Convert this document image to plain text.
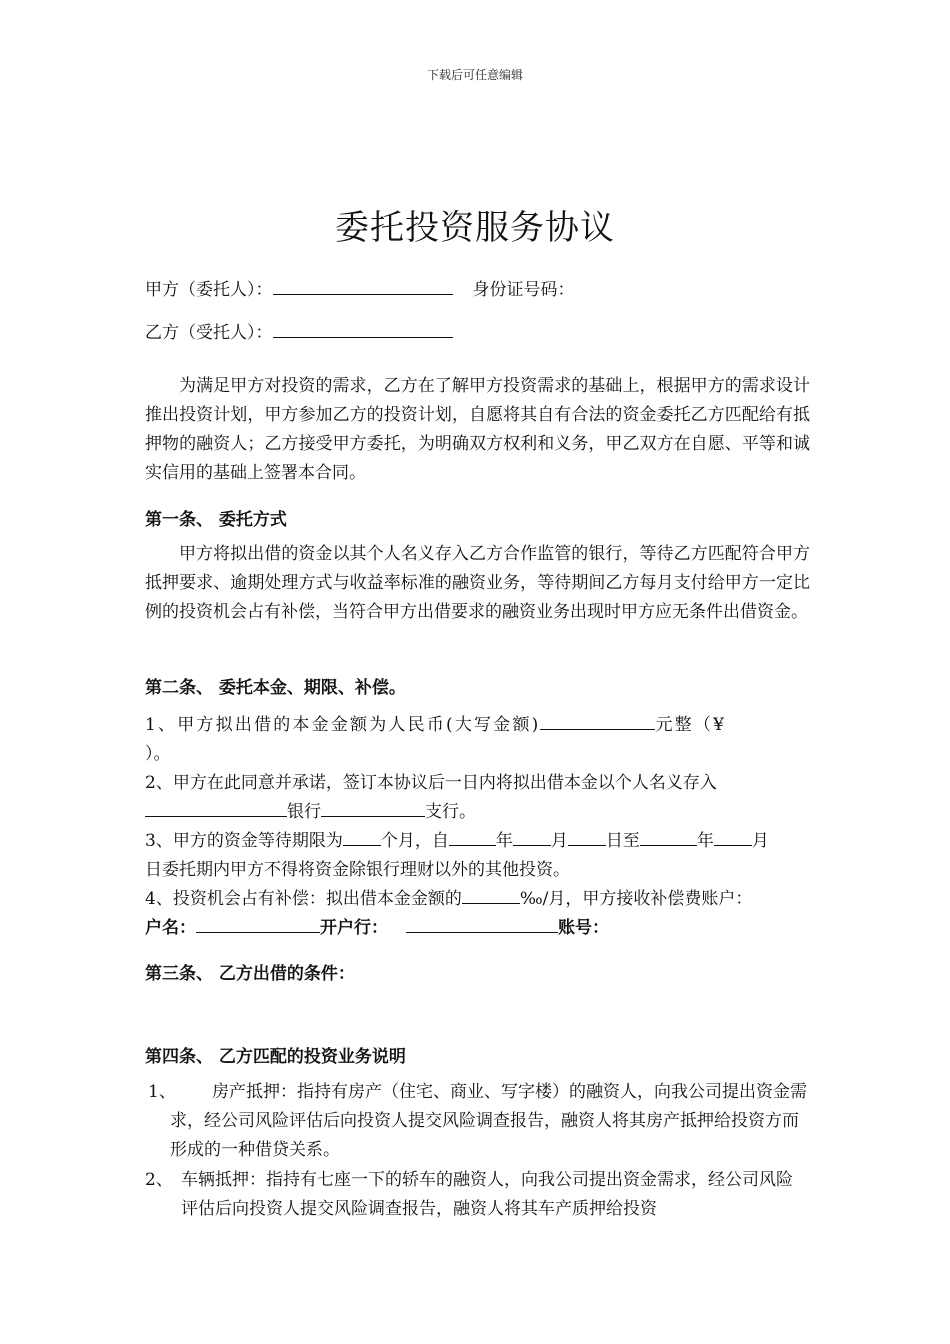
下载后可任意编辑
委托投资服务协议
甲方（委托人）：	身份证号码：
乙方（受托人）：
为满足甲方对投资的需求，乙方在了解甲方投资需求的基础上，根据甲方的需求设计推出投资计划，甲方参加乙方的投资计划，自愿将其自有合法的资金委托乙方匹配给有抵押物的融资人；乙方接受甲方委托，为明确双方权利和义务，甲乙双方在自愿、平等和诚实信用的基础上签署本合同。
第一条、 委托方式
甲方将拟出借的资金以其个人名义存入乙方合作监管的银行，等待乙方匹配符合甲方抵押要求、逾期处理方式与收益率标准的融资业务，等待期间乙方每月支付给甲方一定比例的投资机会占有补偿，当符合甲方出借要求的融资业务出现时甲方应无条件出借资金。
第二条、 委托本金、期限、补偿。
1、甲方拟出借的本金金额为人民币(大写金额)	元整（¥
）。
2、甲方在此同意并承诺，签订本协议后一日内将拟出借本金以个人名义存入
银行	支行。
3、甲方的资金等待期限为 个月，自	年 月 日至	年 月
日委托期内甲方不得将资金除银行理财以外的其他投资。
4、投资机会占有补偿：拟出借本金金额的	‰/月，甲方接收补偿费账户：
户名：	开户行：	账号：
第三条、 乙方出借的条件：
第四条、 乙方匹配的投资业务说明
1、	房产抵押：指持有房产（住宅、商业、写字楼）的融资人，向我公司提出资金需求，经公司风险评估后向投资人提交风险调查报告，融资人将其房产抵押给投资方而形成的一种借贷关系。
2、 车辆抵押：指持有七座一下的轿车的融资人，向我公司提出资金需求，经公司风险评估后向投资人提交风险调查报告，融资人将其车产质押给投资
